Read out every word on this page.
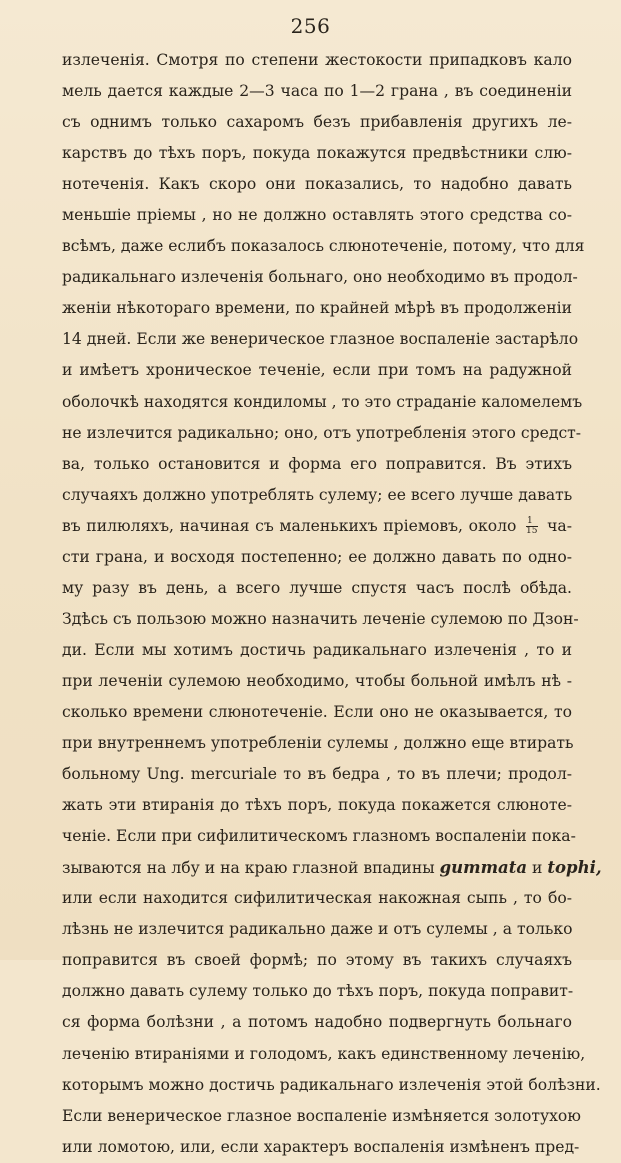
256
излеченія. Смотря по степени жестокости припадковъ кало
мель дается каждые 2—3 часа по 1—2 грана , въ соединеніи
съ однимъ только сахаромъ безъ прибавленія другихъ ле-
карствъ до тѣхъ поръ, покуда покажутся предвѣстники слю-
нотеченія. Какъ скоро они показались, то надобно давать
меньшіе пріемы , но не должно оставлять этого средства со-
всѣмъ, даже еслибъ показалось слюнотеченіе, потому, что для
радикальнаго излеченія больнаго, оно необходимо въ продол-
женіи нѣкотораго времени, по крайней мѣрѣ въ продолженіи
14 дней. Если же венерическое глазное воспаленіе застарѣло
и имѣетъ хроническое теченіе, если при томъ на радужной
оболочкѣ находятся кондиломы , то это страданіе каломелемъ
не излечится радикально; оно, отъ употребленія этого средст-
ва, только остановится и форма его поправится. Въ этихъ
случаяхъ должно употреблять сулему; ее всего лучше давать
въ пилюляхъ, начиная съ маленькихъ пріемовъ, около $\frac{1}{15} ча-$
сти грана, и восходя постепенно; ее должно давать по одно-
му разу въ день, а всего лучше спустя часъ послѣ обѣда.
Здѣсь съ пользою можно назначить леченіе сулемою по Дзон-
ди. Если мы хотимъ достичь радикальнаго излеченія , то и
при леченіи сулемою необходимо, чтобы больной имѣлъ нѣ -
сколько времени слюнотеченіе. Если оно не оказывается, то
при внутреннемъ употребленіи сулемы , должно еще втирать
больному Ung. mercuriale то въ бедра , то въ плечи; продол-
жать эти втиранія до тѣхъ поръ, покуда покажется слюноте-
ченіе. Если при сифилитическомъ глазномъ воспаленіи пока-
зываются на лбу и на краю глазной впадины gummata и tophi,
или если находится сифилитическая накожная сыпь , то бо-
лѣзнь не излечится радикально даже и отъ сулемы , а только
поправится въ своей формѣ; по этому въ такихъ случаяхъ
должно давать сулему только до тѣхъ поръ, покуда поправит-
ся форма болѣзни , а потомъ надобно подвергнуть больнаго
леченію втираніями и голодомъ, какъ единственному леченію,
которымъ можно достичь радикальнаго излеченія этой болѣзни.
Если венерическое глазное воспаленіе измѣняется золотухою
или ломотою, или, если характеръ воспаленія измѣненъ пред-
